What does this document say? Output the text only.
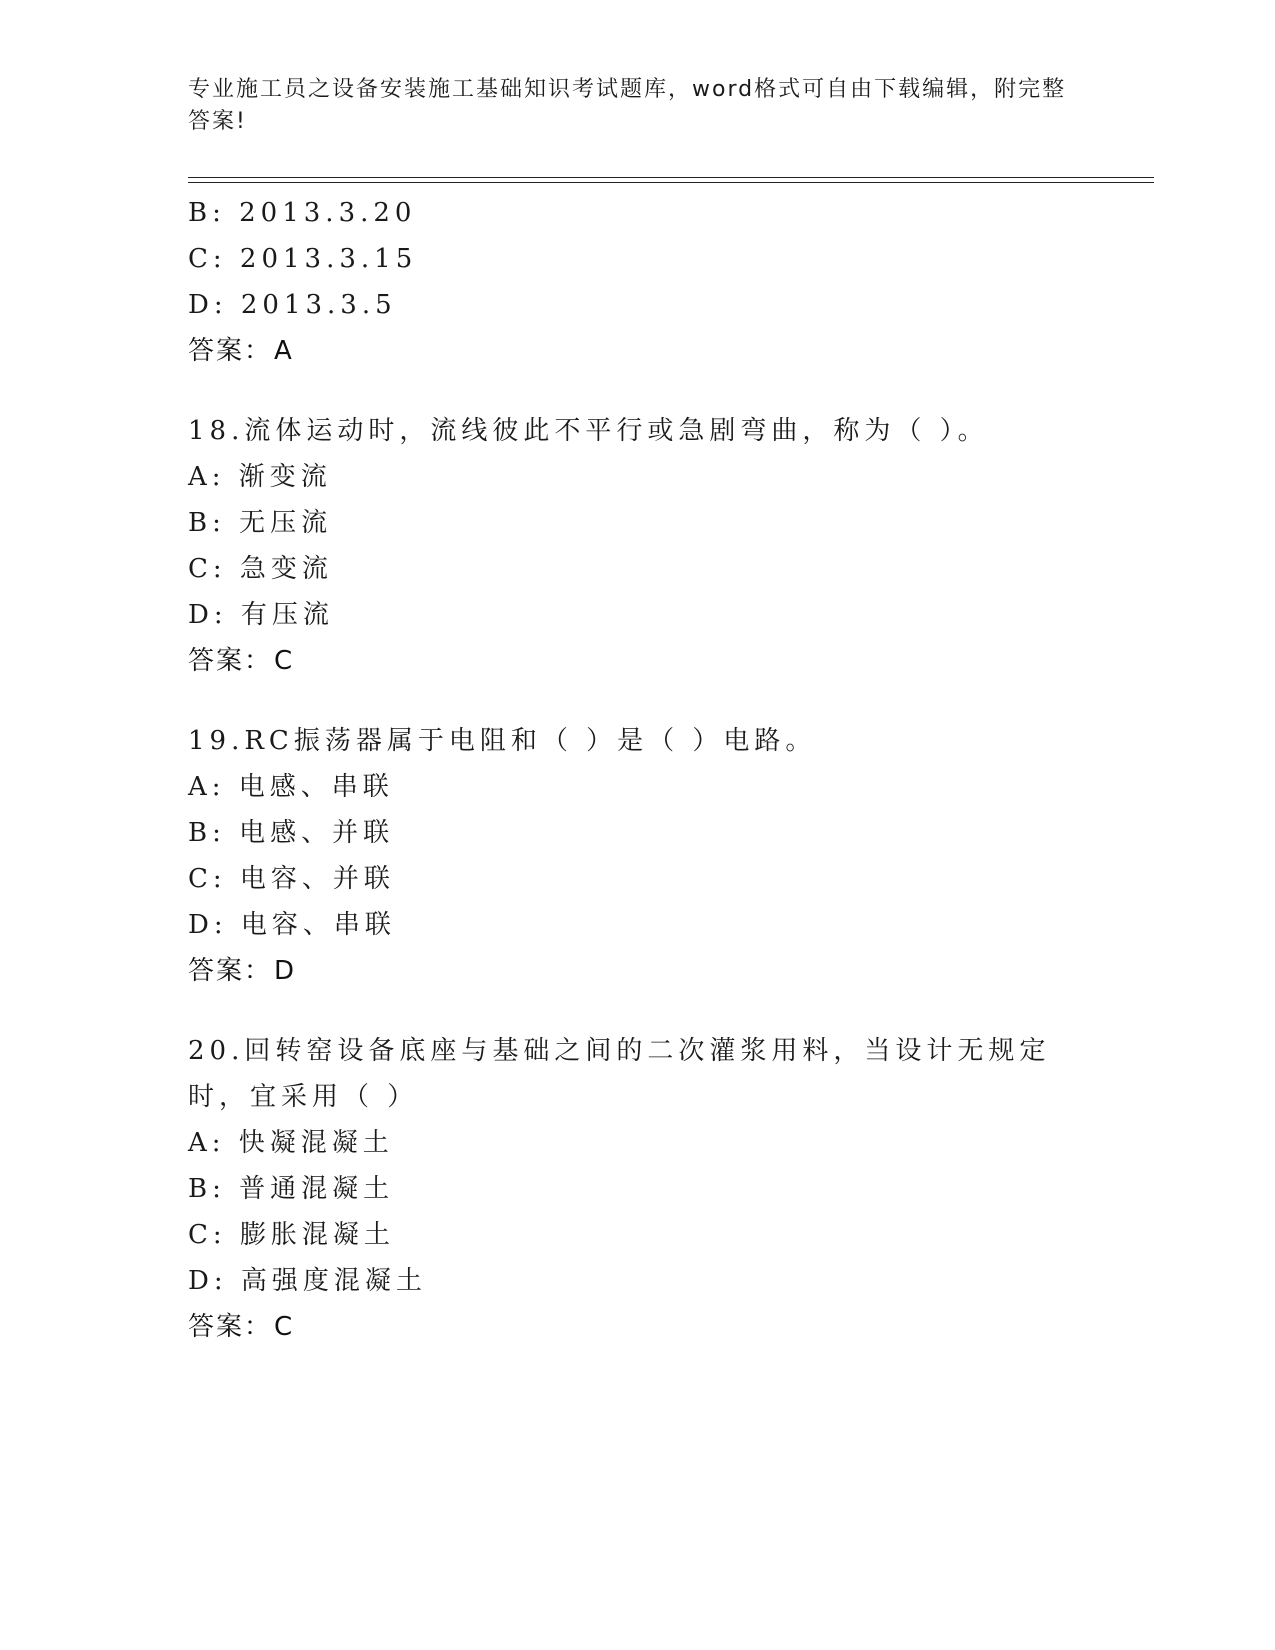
专业施工员之设备安装施工基础知识考试题库，word格式可自由下载编辑，附完整答案!
B: 2013.3.20
C: 2013.3.15
D: 2013.3.5
答案：A
18.流体运动时，流线彼此不平行或急剧弯曲，称为（ ）。
A: 渐变流
B: 无压流
C: 急变流
D: 有压流
答案：C
19.RC振荡器属于电阻和（ ）是（ ）电路。
A: 电感、串联
B: 电感、并联
C: 电容、并联
D: 电容、串联
答案：D
20.回转窑设备底座与基础之间的二次灌浆用料，当设计无规定时，宜采用（ ）
A: 快凝混凝土
B: 普通混凝土
C: 膨胀混凝土
D: 高强度混凝土
答案：C
